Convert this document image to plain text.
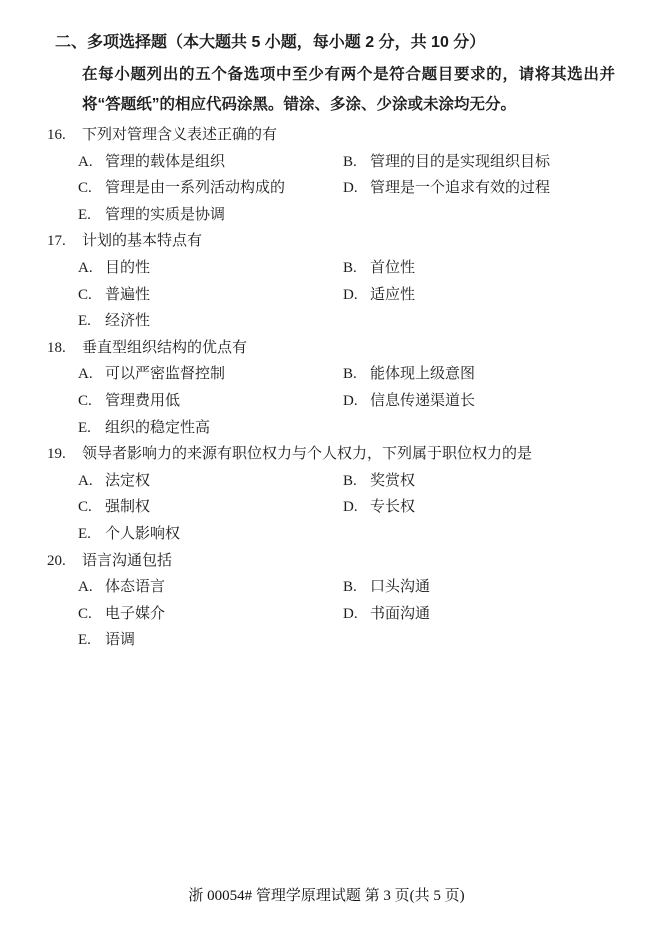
二、 多项选择题（本大题共 5 小题，每小题 2 分，共 10 分）

在每小题列出的五个备选项中至少有两个是符合题目要求的，请将其选出并将“答题纸”的相应代码涂黑。错涂、多涂、少涂或未涂均无分。

16.	下列对管理含义表述正确的有
A. 管理的载体是组织	B. 管理的目的是实现组织目标
C. 管理是由一系列活动构成的	D. 管理是一个追求有效的过程
E. 管理的实质是协调
17.	计划的基本特点有
A. 目的性	B. 首位性
C. 普遍性	D. 适应性
E. 经济性
18.	垂直型组织结构的优点有
A. 可以严密监督控制	B. 能体现上级意图
C. 管理费用低	D. 信息传递渠道长
E. 组织的稳定性高
19.	领导者影响力的来源有职位权力与个人权力，下列属于职位权力的是
A. 法定权	B. 奖赏权
C. 强制权	D. 专长权
E. 个人影响权
20.	语言沟通包括
A. 体态语言	B. 口头沟通
C. 电子媒介	D. 书面沟通
E. 语调
浙 00054# 管理学原理试题 第 3 页(共 5 页)
